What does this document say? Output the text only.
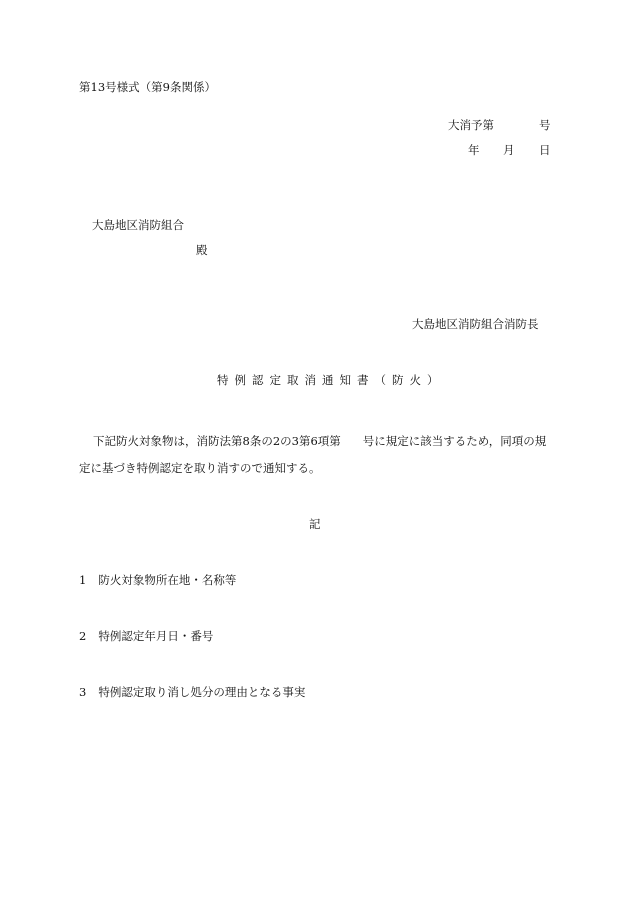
第13号様式（第9条関係）
大消予第	号
年 月 日
大島地区消防組合
殿
大島地区消防組合消防長
特例認定取消通知書（防火）
下記防火対象物は，消防法第8条の2の3第6項第 号に規定に該当するため，同項の規
定に基づき特例認定を取り消すので通知する。
記
1 防火対象物所在地・名称等
2 特例認定年月日・番号
3 特例認定取り消し処分の理由となる事実
